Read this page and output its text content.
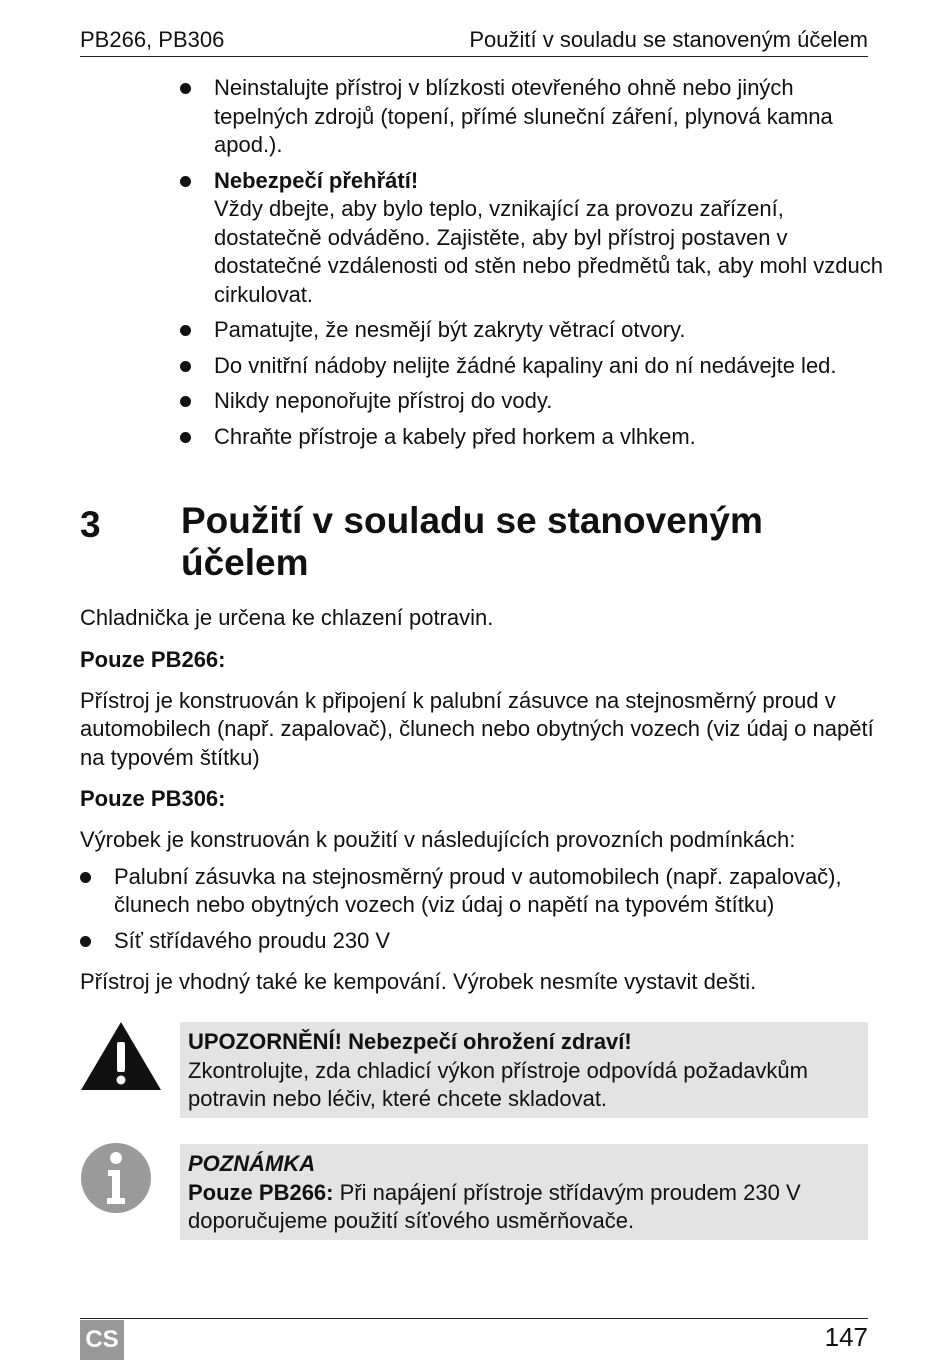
PB266, PB306	Použití v souladu se stanoveným účelem
Neinstalujte přístroj v blízkosti otevřeného ohně nebo jiných tepelných zdrojů (topení, přímé sluneční záření, plynová kamna apod.).
Nebezpečí přehřátí!
Vždy dbejte, aby bylo teplo, vznikající za provozu zařízení, dostatečně odváděno. Zajistěte, aby byl přístroj postaven v dostatečné vzdálenosti od stěn nebo předmětů tak, aby mohl vzduch cirkulovat.
Pamatujte, že nesmějí být zakryty větrací otvory.
Do vnitřní nádoby nelijte žádné kapaliny ani do ní nedávejte led.
Nikdy neponořujte přístroj do vody.
Chraňte přístroje a kabely před horkem a vlhkem.
3 Použití v souladu se stanoveným účelem

Chladnička je určena ke chlazení potravin.

Pouze PB266:

Přístroj je konstruován k připojení k palubní zásuvce na stejnosměrný proud v automobilech (např. zapalovač), člunech nebo obytných vozech (viz údaj o napětí na typovém štítku)

Pouze PB306:

Výrobek je konstruován k použití v následujících provozních podmínkách:

Palubní zásuvka na stejnosměrný proud v automobilech (např. zapalovač), člunech nebo obytných vozech (viz údaj o napětí na typovém štítku)
Síť střídavého proudu 230 V

Přístroj je vhodný také ke kempování. Výrobek nesmíte vystavit dešti.

UPOZORNĚNÍ! Nebezpečí ohrožení zdraví!
Zkontrolujte, zda chladicí výkon přístroje odpovídá požadavkům potravin nebo léčiv, které chcete skladovat.
POZNÁMKA
Pouze PB266: Při napájení přístroje střídavým proudem 230 V doporučujeme použití síťového usměrňovače.
CS	147
